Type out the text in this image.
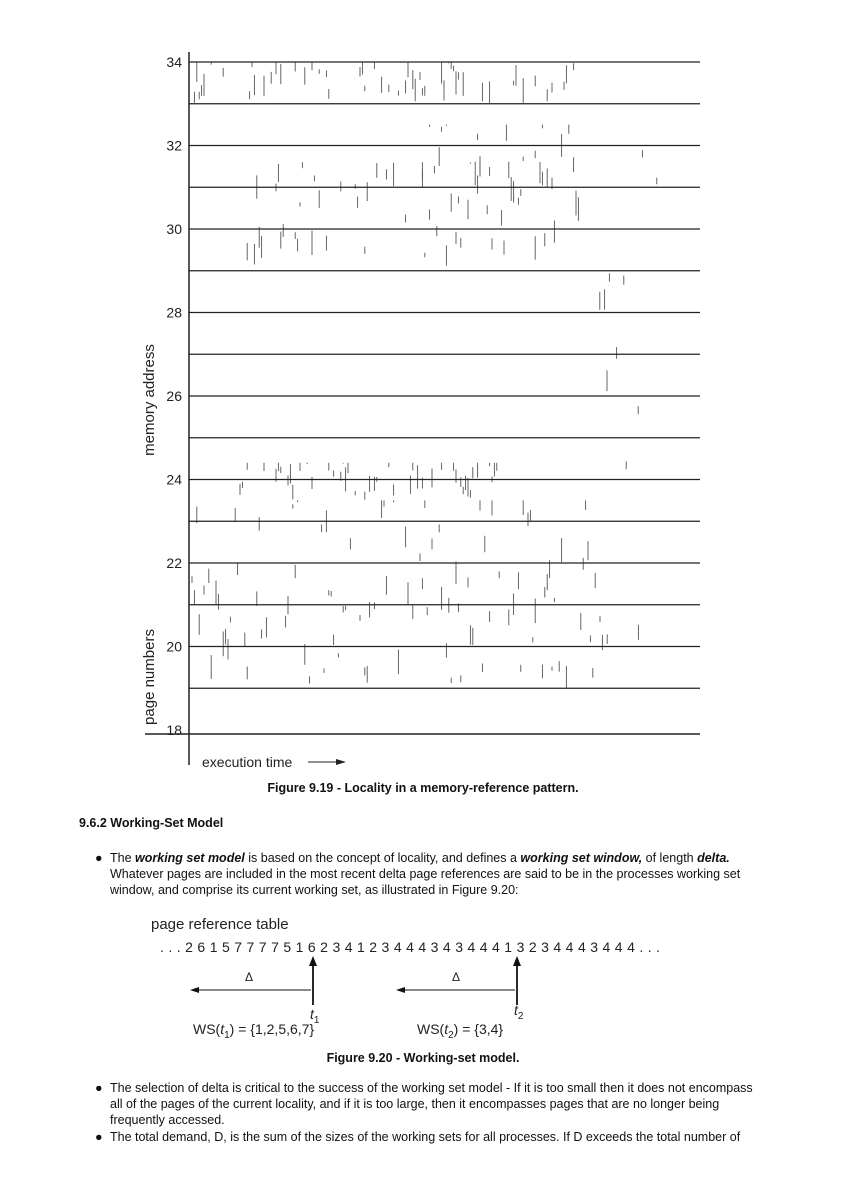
18
20
22
24
26
28
30
32
34
memory address
page numbers
execution time
Figure 9.19 - Locality in a memory-reference pattern.
9.6.2 Working-Set Model
● The working set model is based on the concept of locality, and defines a working set window, of length delta. Whatever pages are included in the most recent delta page references are said to be in the processes working set window, and comprise its current working set, as illustrated in Figure 9.20:
page reference table
. . . 2 6 1 5 7 7 7 7 5 1 6 2 3 4 1 2 3 4 4 4 3 4 3 4 4 4 1 3 2 3 4 4 4 3 4 4 4 . . .
Δ	Δ
$t_1$
$t_2$
$WS(t_1) = \{1,2,5,6,7\}$	$WS(t_2) = \{3,4\}$
Figure 9.20 - Working-set model.
● The selection of delta is critical to the success of the working set model - If it is too small then it does not encompass all of the pages of the current locality, and if it is too large, then it encompasses pages that are no longer being frequently accessed.
● The total demand, D, is the sum of the sizes of the working sets for all processes. If D exceeds the total number of
